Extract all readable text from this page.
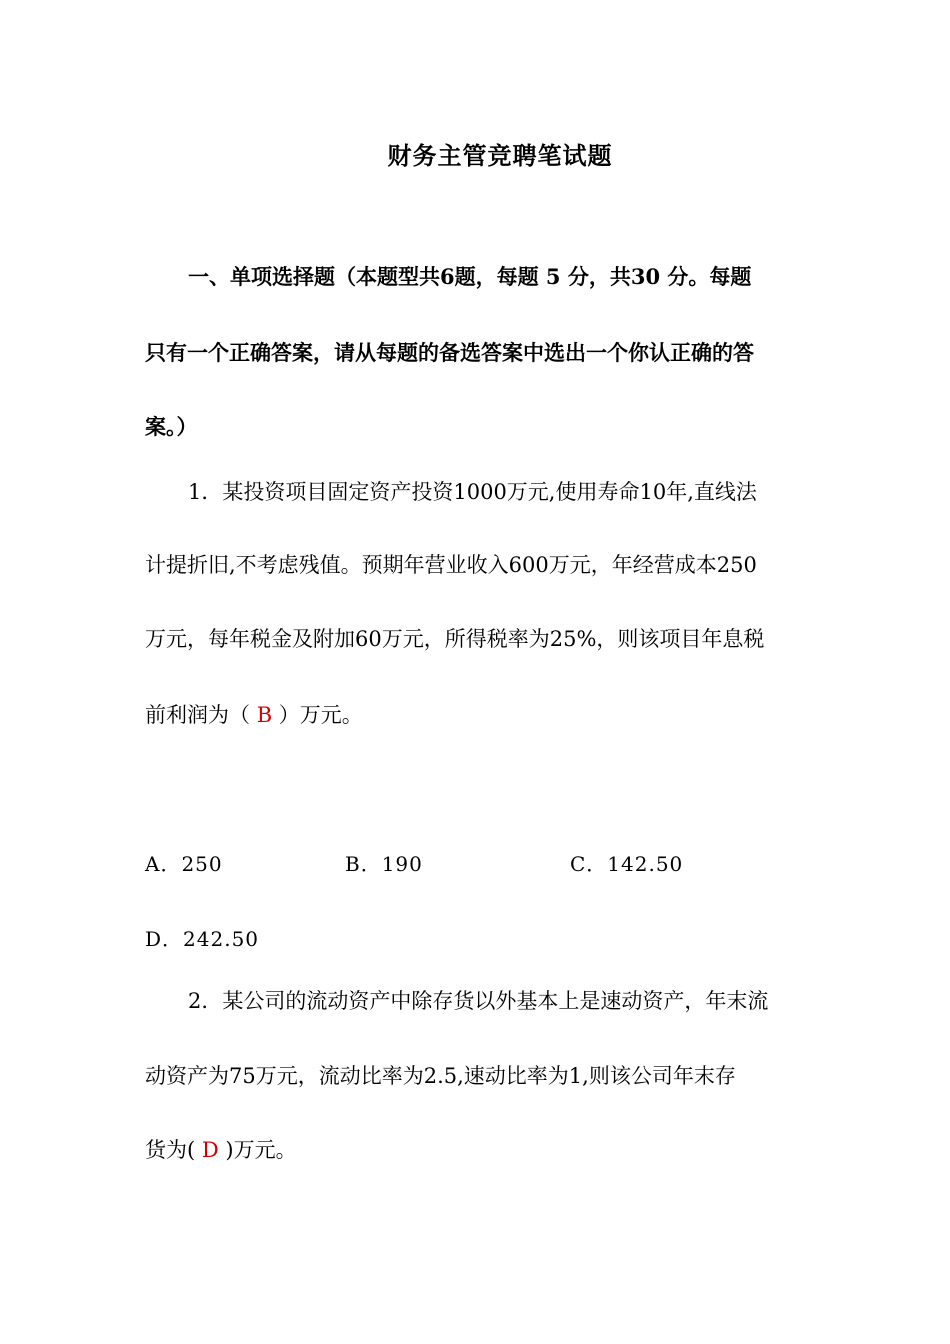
财务主管竞聘笔试题
一、单项选择题（本题型共6题，每题 5 分，共30 分。每题
只有一个正确答案，请从每题的备选答案中选出一个你认正确的答
案。）
1．某投资项目固定资产投资1000万元,使用寿命10年,直线法
计提折旧,不考虑残值。预期年营业收入600万元，年经营成本250
万元，每年税金及附加60万元，所得税率为25%，则该项目年息税
前利润为（ B ）万元。
A．250	B．190	C．142.50
D．242.50
2．某公司的流动资产中除存货以外基本上是速动资产，年末流
动资产为75万元，流动比率为2.5,速动比率为1,则该公司年末存
货为( D )万元。
